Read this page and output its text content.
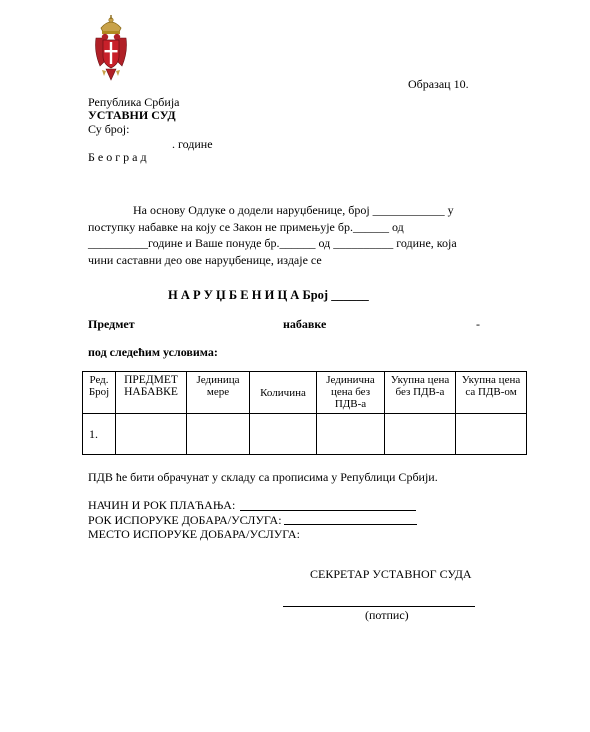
Образац 10.
Република Србија
УСТАВНИ СУД
Су број:
. године
Б е о г р а д
На основу Одлуке о додели наруџбенице, број ____________ у
поступку набавке на коју се Закон не примењује бр.______ од
__________године и Ваше понуде бр.______ од __________ године, која
чини саставни део ове наруџбенице, издаје се
Н А Р У Џ Б Е Н И Ц А Број ______
Предмет	набавке	-
под следећим условима:
Ред. Број	ПРЕДМЕТ НАБАВКЕ	Јединица мере	Количина	Јединична цена без ПДВ-а	Укупна цена без ПДВ-а	Укупна цена са ПДВ-ом
1.						
ПДВ ће бити обрачунат у складу са прописима у Републици Србији.
НАЧИН И РОК ПЛАЋАЊА:
РОК ИСПОРУКЕ ДОБАРА/УСЛУГА:
МЕСТО ИСПОРУКЕ ДОБАРА/УСЛУГА:
СЕКРЕТАР УСТАВНОГ СУДА
(потпис)
